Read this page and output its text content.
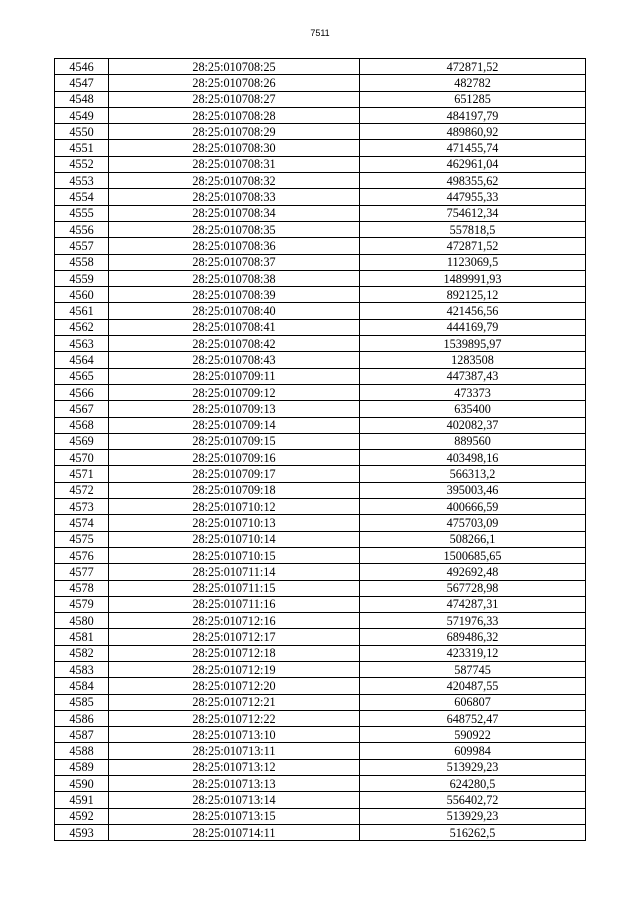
7511
4546	28:25:010708:25	472871,52
4547	28:25:010708:26	482782
4548	28:25:010708:27	651285
4549	28:25:010708:28	484197,79
4550	28:25:010708:29	489860,92
4551	28:25:010708:30	471455,74
4552	28:25:010708:31	462961,04
4553	28:25:010708:32	498355,62
4554	28:25:010708:33	447955,33
4555	28:25:010708:34	754612,34
4556	28:25:010708:35	557818,5
4557	28:25:010708:36	472871,52
4558	28:25:010708:37	1123069,5
4559	28:25:010708:38	1489991,93
4560	28:25:010708:39	892125,12
4561	28:25:010708:40	421456,56
4562	28:25:010708:41	444169,79
4563	28:25:010708:42	1539895,97
4564	28:25:010708:43	1283508
4565	28:25:010709:11	447387,43
4566	28:25:010709:12	473373
4567	28:25:010709:13	635400
4568	28:25:010709:14	402082,37
4569	28:25:010709:15	889560
4570	28:25:010709:16	403498,16
4571	28:25:010709:17	566313,2
4572	28:25:010709:18	395003,46
4573	28:25:010710:12	400666,59
4574	28:25:010710:13	475703,09
4575	28:25:010710:14	508266,1
4576	28:25:010710:15	1500685,65
4577	28:25:010711:14	492692,48
4578	28:25:010711:15	567728,98
4579	28:25:010711:16	474287,31
4580	28:25:010712:16	571976,33
4581	28:25:010712:17	689486,32
4582	28:25:010712:18	423319,12
4583	28:25:010712:19	587745
4584	28:25:010712:20	420487,55
4585	28:25:010712:21	606807
4586	28:25:010712:22	648752,47
4587	28:25:010713:10	590922
4588	28:25:010713:11	609984
4589	28:25:010713:12	513929,23
4590	28:25:010713:13	624280,5
4591	28:25:010713:14	556402,72
4592	28:25:010713:15	513929,23
4593	28:25:010714:11	516262,5
